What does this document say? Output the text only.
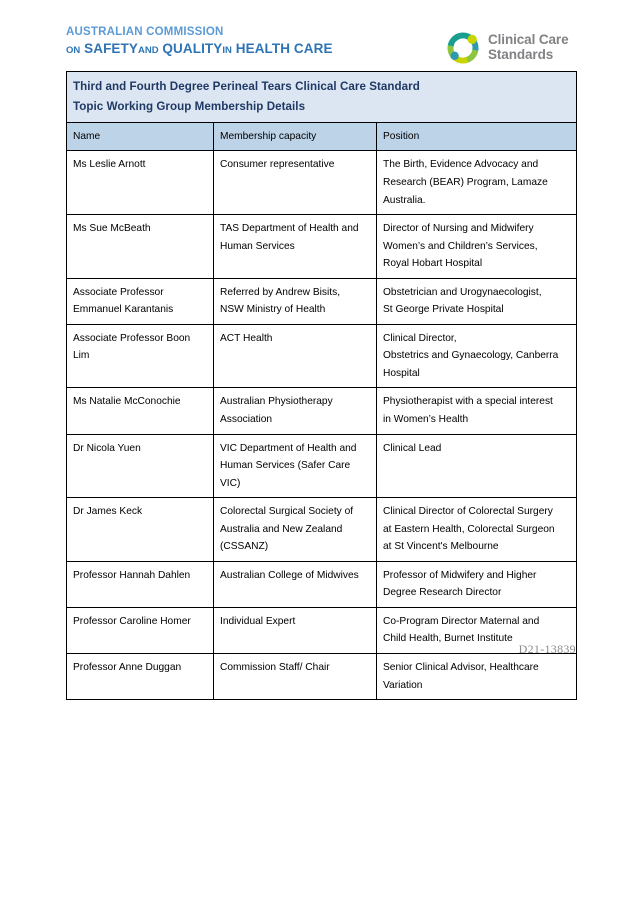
AUSTRALIAN COMMISSION
ON SAFETYAND QUALITYIN HEALTH CARE
Clinical Care
Standards
Third and Fourth Degree Perineal Tears Clinical Care Standard
Topic Working Group Membership Details		

Name	Membership capacity	Position

Ms Leslie Arnott	Consumer representative	The Birth, Evidence Advocacy and
Research (BEAR) Program, Lamaze
Australia.

Ms Sue McBeath	TAS Department of Health and
Human Services	Director of Nursing and Midwifery
Women’s and Children’s Services,
Royal Hobart Hospital

Associate Professor
Emmanuel Karantanis	Referred by Andrew Bisits,
NSW Ministry of Health	Obstetrician and Urogynaecologist,
St George Private Hospital

Associate Professor Boon
Lim	ACT Health	Clinical Director,
Obstetrics and Gynaecology, Canberra
Hospital

Ms Natalie McConochie	Australian Physiotherapy
Association	Physiotherapist with a special interest
in Women’s Health

Dr Nicola Yuen	VIC Department of Health and
Human Services (Safer Care
VIC)	Clinical Lead

Dr James Keck	Colorectal Surgical Society of
Australia and New Zealand
(CSSANZ)	Clinical Director of Colorectal Surgery
at Eastern Health, Colorectal Surgeon
at St Vincent's Melbourne

Professor Hannah Dahlen	Australian College of Midwives	Professor of Midwifery and Higher
Degree Research Director

Professor Caroline Homer	Individual Expert	Co-Program Director Maternal and
Child Health, Burnet Institute

Professor Anne Duggan	Commission Staff/ Chair	Senior Clinical Advisor, Healthcare
Variation
D21-13839
